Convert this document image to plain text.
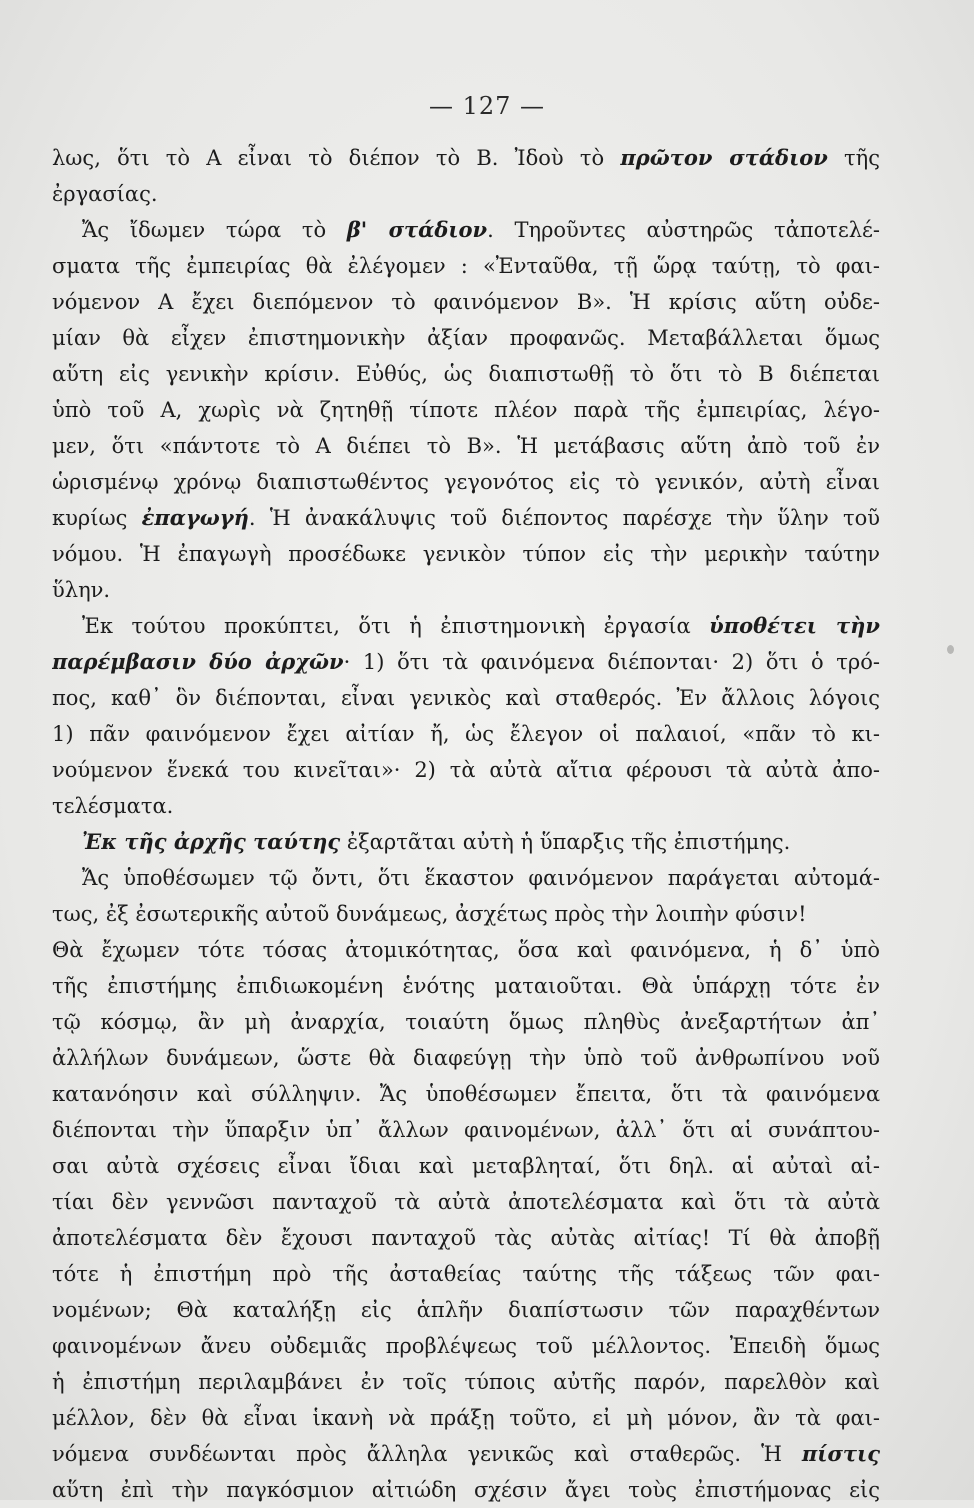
— 127 —
λως, ὅτι τὸ Α εἶναι τὸ διέπον τὸ Β. Ἰδοὺ τὸ πρῶτον στάδιον τῆς
ἐργασίας.
Ἄς ἴδωμεν τώρα τὸ β' στάδιον. Τηροῦντες αὐστηρῶς τἀποτελέ-
σματα τῆς ἐμπειρίας θὰ ἐλέγομεν : «Ἐνταῦθα, τῇ ὥρᾳ ταύτῃ, τὸ φαι-
νόμενον Α ἔχει διεπόμενον τὸ φαινόμενον Β». Ἡ κρίσις αὕτη οὐδε-
μίαν θὰ εἶχεν ἐπιστημονικὴν ἀξίαν προφανῶς. Μεταβάλλεται ὅμως
αὕτη εἰς γενικὴν κρίσιν. Εὐθύς, ὡς διαπιστωθῇ τὸ ὅτι τὸ Β διέπεται
ὑπὸ τοῦ Α, χωρὶς νὰ ζητηθῇ τίποτε πλέον παρὰ τῆς ἐμπειρίας, λέγο-
μεν, ὅτι «πάντοτε τὸ Α διέπει τὸ Β». Ἡ μετάβασις αὕτη ἀπὸ τοῦ ἐν
ὡρισμένῳ χρόνῳ διαπιστωθέντος γεγονότος εἰς τὸ γενικόν, αὐτὴ εἶναι
κυρίως ἐπαγωγή. Ἡ ἀνακάλυψις τοῦ διέποντος παρέσχε τὴν ὕλην τοῦ
νόμου. Ἡ ἐπαγωγὴ προσέδωκε γενικὸν τύπον εἰς τὴν μερικὴν ταύτην
ὕλην.
Ἐκ τούτου προκύπτει, ὅτι ἡ ἐπιστημονικὴ ἐργασία ὑποθέτει τὴν
παρέμβασιν δύο ἀρχῶν· 1) ὅτι τὰ φαινόμενα διέπονται· 2) ὅτι ὁ τρό-
πος, καθ᾽ ὃν διέπονται, εἶναι γενικὸς καὶ σταθερός. Ἐν ἄλλοις λόγοις
1) πᾶν φαινόμενον ἔχει αἰτίαν ἤ, ὡς ἔλεγον οἱ παλαιοί, «πᾶν τὸ κι-
νούμενον ἕνεκά του κινεῖται»· 2) τὰ αὐτὰ αἴτια φέρουσι τὰ αὐτὰ ἀπο-
τελέσματα.
Ἐκ τῆς ἀρχῆς ταύτης ἐξαρτᾶται αὐτὴ ἡ ὕπαρξις τῆς ἐπιστήμης.
Ἄς ὑποθέσωμεν τῷ ὄντι, ὅτι ἕκαστον φαινόμενον παράγεται αὐτομά-
τως, ἐξ ἐσωτερικῆς αὐτοῦ δυνάμεως, ἀσχέτως πρὸς τὴν λοιπὴν φύσιν!
Θὰ ἔχωμεν τότε τόσας ἀτομικότητας, ὅσα καὶ φαινόμενα, ἡ δ᾽ ὑπὸ
τῆς ἐπιστήμης ἐπιδιωκομένη ἑνότης ματαιοῦται. Θὰ ὑπάρχῃ τότε ἐν
τῷ κόσμῳ, ἂν μὴ ἀναρχία, τοιαύτη ὅμως πληθὺς ἀνεξαρτήτων ἀπ᾽
ἀλλήλων δυνάμεων, ὥστε θὰ διαφεύγῃ τὴν ὑπὸ τοῦ ἀνθρωπίνου νοῦ
κατανόησιν καὶ σύλληψιν. Ἄς ὑποθέσωμεν ἔπειτα, ὅτι τὰ φαινόμενα
διέπονται τὴν ὕπαρξιν ὑπ᾽ ἄλλων φαινομένων, ἀλλ᾽ ὅτι αἱ συνάπτου-
σαι αὐτὰ σχέσεις εἶναι ἴδιαι καὶ μεταβληταί, ὅτι δηλ. αἱ αὐταὶ αἰ-
τίαι δὲν γεννῶσι πανταχοῦ τὰ αὐτὰ ἀποτελέσματα καὶ ὅτι τὰ αὐτὰ
ἀποτελέσματα δὲν ἔχουσι πανταχοῦ τὰς αὐτὰς αἰτίας! Τί θὰ ἀποβῇ
τότε ἡ ἐπιστήμη πρὸ τῆς ἀσταθείας ταύτης τῆς τάξεως τῶν φαι-
νομένων; Θὰ καταλήξῃ εἰς ἁπλῆν διαπίστωσιν τῶν παραχθέντων
φαινομένων ἄνευ οὐδεμιᾶς προβλέψεως τοῦ μέλλοντος. Ἐπειδὴ ὅμως
ἡ ἐπιστήμη περιλαμβάνει ἐν τοῖς τύποις αὐτῆς παρόν, παρελθὸν καὶ
μέλλον, δὲν θὰ εἶναι ἱκανὴ νὰ πράξῃ τοῦτο, εἰ μὴ μόνον, ἂν τὰ φαι-
νόμενα συνδέωνται πρὸς ἄλληλα γενικῶς καὶ σταθερῶς. Ἡ πίστις
αὕτη ἐπὶ τὴν παγκόσμιον αἰτιώδη σχέσιν ἄγει τοὺς ἐπιστήμονας εἰς
